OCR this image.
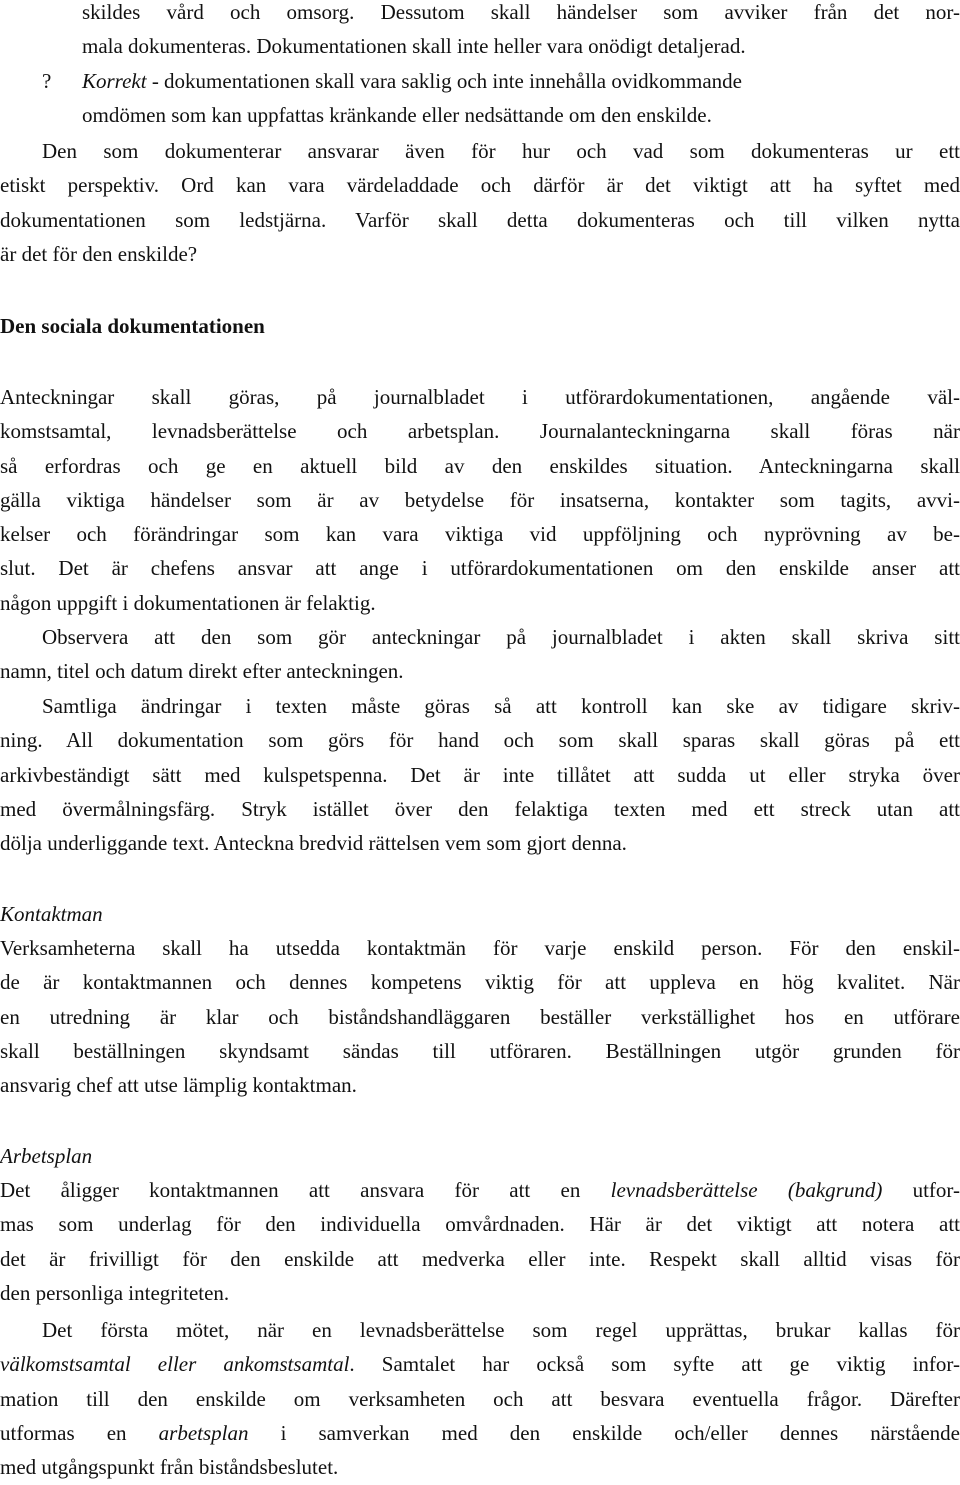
skildes vård och omsorg. Dessutom skall händelser som avviker från det nor-
mala dokumenteras. Dokumentationen skall inte heller vara onödigt detaljerad.
?	Korrekt - dokumentationen skall vara saklig och inte innehålla ovidkommande
omdömen som kan uppfattas kränkande eller nedsättande om den enskilde.
Den som dokumenterar ansvarar även för hur och vad som dokumenteras ur ett
etiskt perspektiv. Ord kan vara värdeladdade och därför är det viktigt att ha syftet med
dokumentationen som ledstjärna. Varför skall detta dokumenteras och till vilken nytta
är det för den enskilde?
Den sociala dokumentationen
Anteckningar skall göras, på journalbladet i utförardokumentationen, angående väl-
komstsamtal, levnadsberättelse och arbetsplan. Journalanteckningarna skall föras när
så erfordras och ge en aktuell bild av den enskildes situation. Anteckningarna skall
gälla viktiga händelser som är av betydelse för insatserna, kontakter som tagits, avvi-
kelser och förändringar som kan vara viktiga vid uppföljning och nyprövning av be-
slut. Det är chefens ansvar att ange i utförardokumentationen om den enskilde anser att
någon uppgift i dokumentationen är felaktig.
Observera att den som gör anteckningar på journalbladet i akten skall skriva sitt
namn, titel och datum direkt efter anteckningen.
Samtliga ändringar i texten måste göras så att kontroll kan ske av tidigare skriv-
ning. All dokumentation som görs för hand och som skall sparas skall göras på ett
arkivbeständigt sätt med kulspetspenna. Det är inte tillåtet att sudda ut eller stryka över
med övermålningsfärg. Stryk istället över den felaktiga texten med ett streck utan att
dölja underliggande text. Anteckna bredvid rättelsen vem som gjort denna.
Kontaktman
Verksamheterna skall ha utsedda kontaktmän för varje enskild person. För den enskil-
de är kontaktmannen och dennes kompetens viktig för att uppleva en hög kvalitet. När
en utredning är klar och biståndshandläggaren beställer verkställighet hos en utförare
skall beställningen skyndsamt sändas till utföraren. Beställningen utgör grunden för
ansvarig chef att utse lämplig kontaktman.
Arbetsplan
Det åligger kontaktmannen att ansvara för att en levnadsberättelse (bakgrund) utfor-
mas som underlag för den individuella omvårdnaden. Här är det viktigt att notera att
det är frivilligt för den enskilde att medverka eller inte. Respekt skall alltid visas för
den personliga integriteten.
Det första mötet, när en levnadsberättelse som regel upprättas, brukar kallas för
välkomstsamtal eller ankomstsamtal. Samtalet har också som syfte att ge viktig infor-
mation till den enskilde om verksamheten och att besvara eventuella frågor. Därefter
utformas en arbetsplan i samverkan med den enskilde och/eller dennes närstående
med utgångspunkt från biståndsbeslutet.
